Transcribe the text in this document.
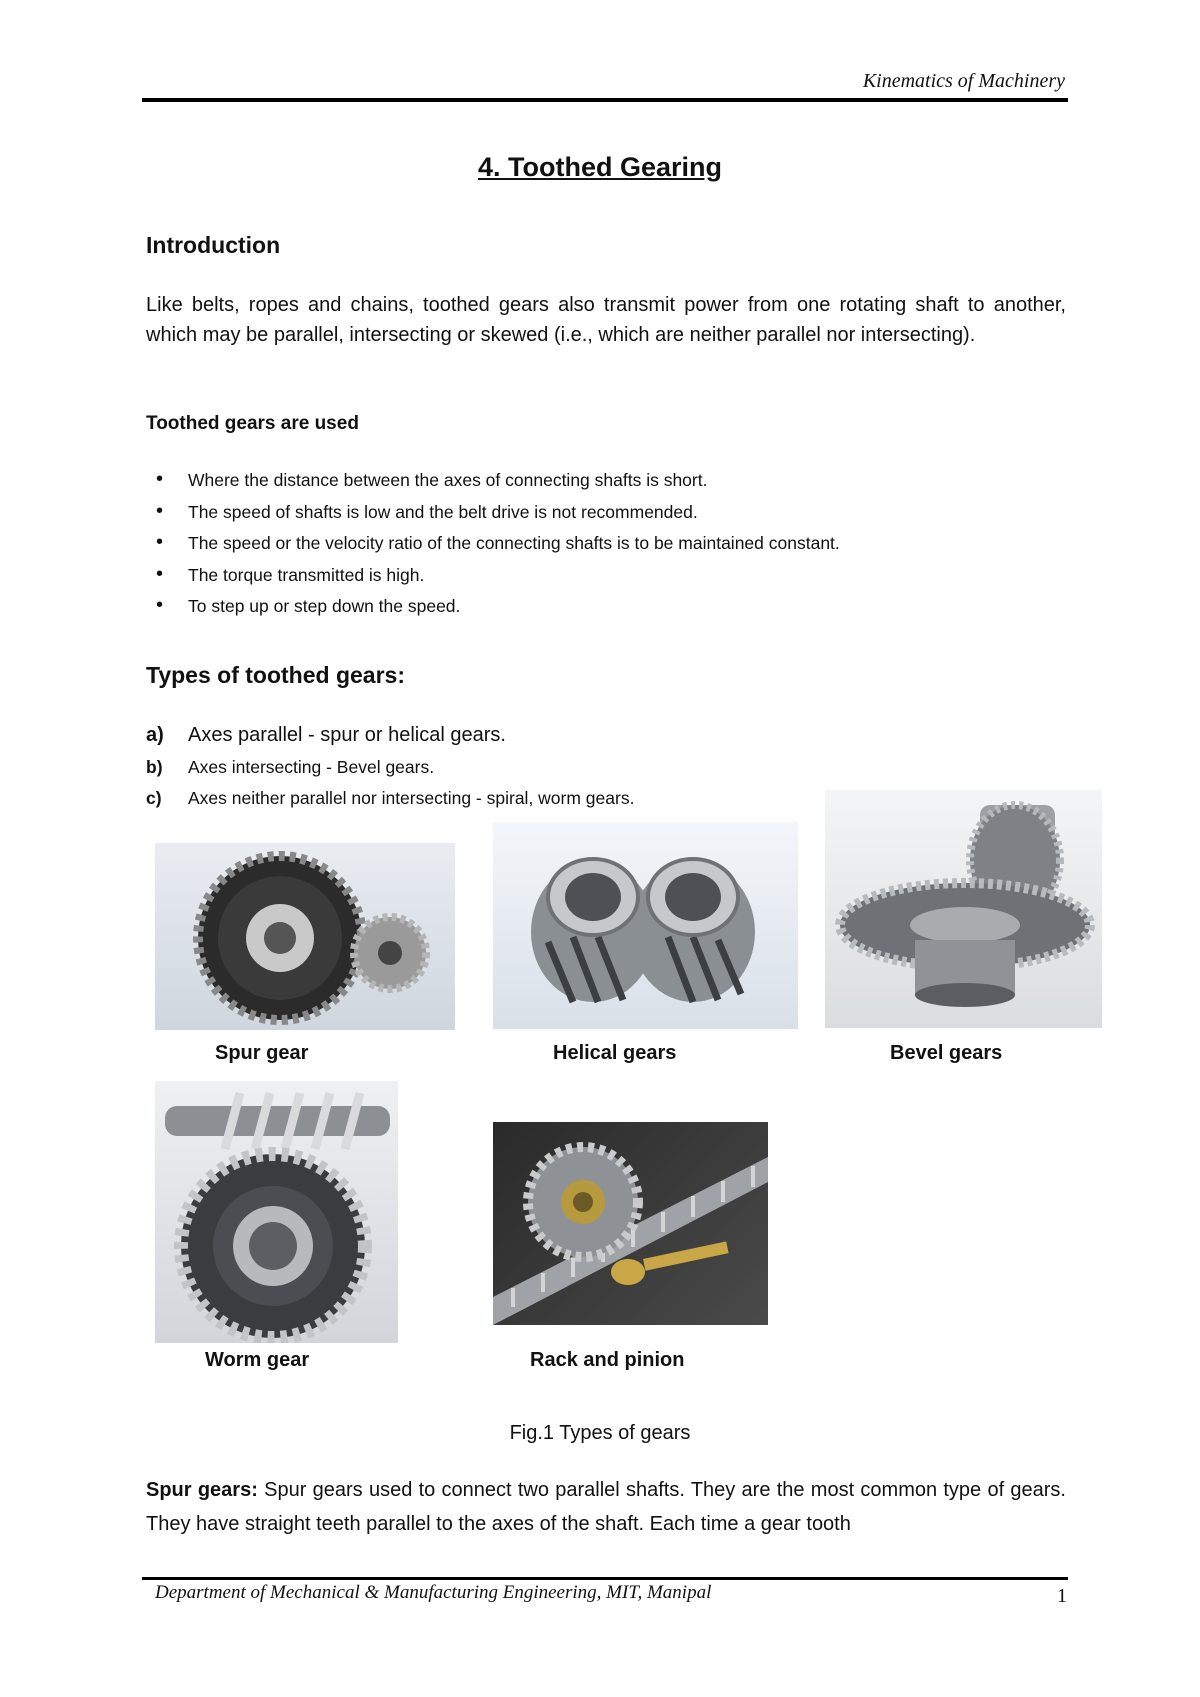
Kinematics of Machinery
4. Toothed Gearing
Introduction
Like belts, ropes and chains, toothed gears also transmit power from one rotating shaft to another, which may be parallel, intersecting or skewed (i.e., which are neither parallel nor intersecting).
Toothed gears are used
• Where the distance between the axes of connecting shafts is short.
• The speed of shafts is low and the belt drive is not recommended.
• The speed or the velocity ratio of the connecting shafts is to be maintained constant.
• The torque transmitted is high.
• To step up or step down the speed.
Types of toothed gears:
a) Axes parallel - spur or helical gears.
b) Axes intersecting - Bevel gears.
c) Axes neither parallel nor intersecting - spiral, worm gears.
Spur gear	Helical gears	Bevel gears
Worm gear	Rack and pinion
Fig.1 Types of gears
Spur gears: Spur gears used to connect two parallel shafts. They are the most common type of gears. They have straight teeth parallel to the axes of the shaft. Each time a gear tooth
Department of Mechanical & Manufacturing Engineering, MIT, Manipal	1
